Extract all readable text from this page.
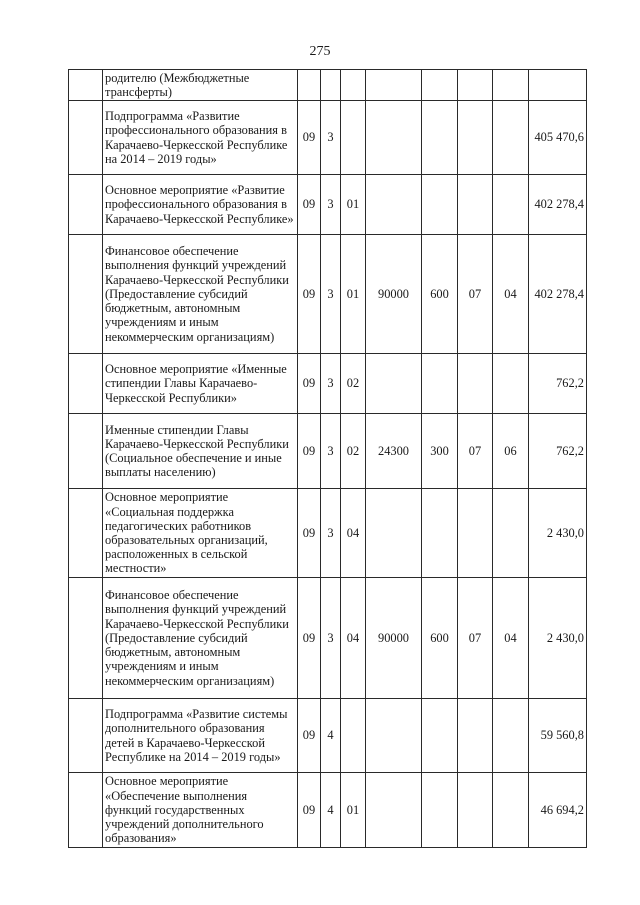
275
	родителю (Межбюджетные трансферты)								
	Подпрограмма «Развитие профессионального образования в Карачаево-Черкесской Республике на 2014 – 2019 годы»	09	3						405 470,6
	Основное мероприятие «Развитие профессионального образования в Карачаево-Черкесской Республике»	09	3	01					402 278,4
	Финансовое обеспечение выполнения функций учреждений Карачаево-Черкесской Республики (Предоставление субсидий бюджетным, автономным учреждениям и иным некоммерческим организациям)	09	3	01	90000	600	07	04	402 278,4
	Основное мероприятие «Именные стипендии Главы Карачаево-Черкесской Республики»	09	3	02					762,2
	Именные стипендии Главы Карачаево-Черкесской Республики (Социальное обеспечение и иные выплаты населению)	09	3	02	24300	300	07	06	762,2
	Основное мероприятие «Социальная поддержка педагогических работников образовательных организаций, расположенных в сельской местности»	09	3	04					2 430,0
	Финансовое обеспечение выполнения функций учреждений Карачаево-Черкесской Республики (Предоставление субсидий бюджетным, автономным учреждениям и иным некоммерческим организациям)	09	3	04	90000	600	07	04	2 430,0
	Подпрограмма «Развитие системы дополнительного образования детей в Карачаево-Черкесской Республике на 2014 – 2019 годы»	09	4						59 560,8
	Основное мероприятие «Обеспечение выполнения функций государственных учреждений дополнительного образования»	09	4	01					46 694,2
